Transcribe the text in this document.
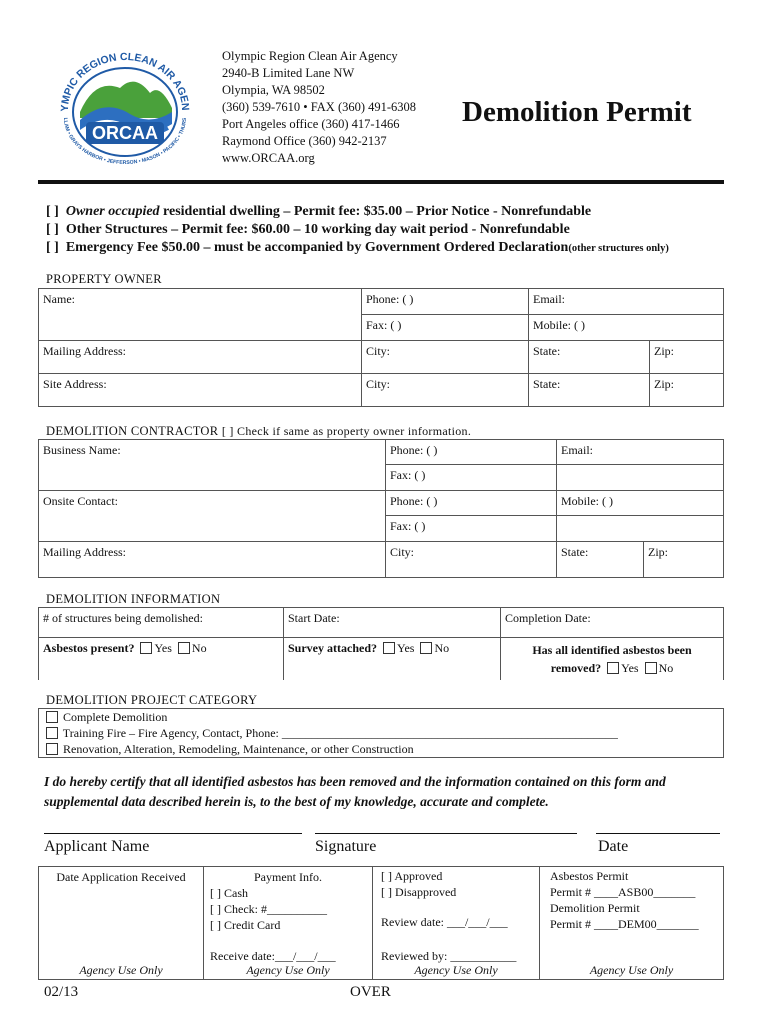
ORCAA
YMPIC REGION CLEAN AIR AGEN
LLAM • GRAYS HARBOR • JEFFERSON • MASON • PACIFIC • THURS
Olympic Region Clean Air Agency
2940-B Limited Lane NW
Olympia, WA 98502
(360) 539-7610 • FAX (360) 491-6308
Port Angeles office (360) 417-1466
Raymond Office (360) 942-2137
www.ORCAA.org
Demolition Permit
[ ] Owner occupied residential dwelling – Permit fee: $35.00 – Prior Notice - Nonrefundable
[ ] Other Structures – Permit fee: $60.00 – 10 working day wait period - Nonrefundable
[ ] Emergency Fee $50.00 – must be accompanied by Government Ordered Declaration(other structures only)
PROPERTY OWNER
Name:	Phone: ( )	Email:	
	Fax: ( )	Mobile: ( )	
Mailing Address:	City:	State:	Zip:
Site Address:	City:	State:	Zip:
DEMOLITION CONTRACTOR [ ] Check if same as property owner information.
Business Name:	Phone: ( )	Email:	
	Fax: ( )		
Onsite Contact:	Phone: ( )	Mobile: ( )	
	Fax: ( )		
Mailing Address:	City:	State:	Zip:
DEMOLITION INFORMATION
# of structures being demolished:	Start Date:	Completion Date:
Asbestos present? Yes No	Survey attached? Yes No	Has all identified asbestos been
removed? Yes No
DEMOLITION PROJECT CATEGORY
Complete Demolition
Training Fire – Fire Agency, Contact, Phone: ________________________________________________________
Renovation, Alteration, Remodeling, Maintenance, or other Construction
I do hereby certify that all identified asbestos has been removed and the information contained on this form and
supplemental data described herein is, to the best of my knowledge, accurate and complete.
Applicant Name	Signature	Date
Date Application Received
Agency Use Only
Payment Info.
[ ] Cash
[ ] Check: #__________
[ ] Credit Card
Receive date:___/___/___
Agency Use Only
[ ] Approved
[ ] Disapproved
Review date: ___/___/___
Reviewed by: ___________
Agency Use Only
Asbestos Permit
Permit # ____ASB00_______
Demolition Permit
Permit # ____DEM00_______
Agency Use Only
02/13	OVER
